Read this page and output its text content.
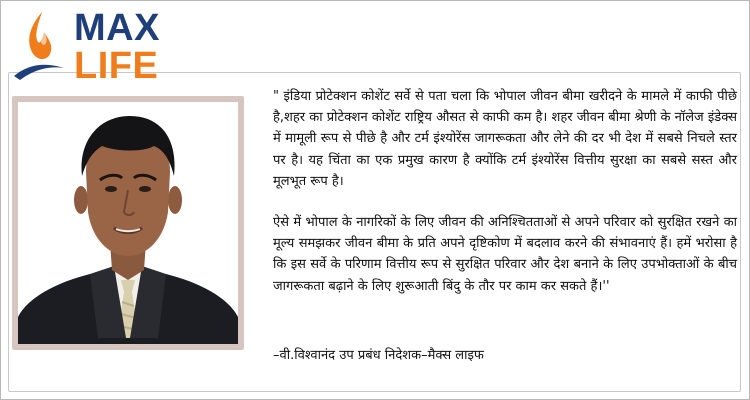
MAX
LIFE

" इंडिया प्रोटेक्शन कोशेंट सर्वे से पता चला कि भोपाल जीवन बीमा खरीदने के मामले में काफी पीछे है,शहर का प्रोटेक्शन कोशेंट राष्ट्रिय औसत से काफी कम है। शहर जीवन बीमा श्रेणी के नॉलेज इंडेक्स में मामूली रूप से पीछे है और टर्म इंश्योरेंस जागरूकता और लेने की दर भी देश में सबसे निचले स्तर पर है। यह चिंता का एक प्रमुख कारण है क्योंकि टर्म इंश्योरेंस वित्तीय सुरक्षा का सबसे सस्त और मूलभूत रूप है।

ऐसे में भोपाल के नागरिकों के लिए जीवन की अनिश्चितताओं से अपने परिवार को सुरक्षित रखने का मूल्य समझकर जीवन बीमा के प्रति अपने दृष्टिकोण में बदलाव करने की संभावनाएं हैं। हमें भरोसा है कि इस सर्वे के परिणाम वित्तीय रूप से सुरक्षित परिवार और देश बनाने के लिए उपभोक्ताओं के बीच जागरूकता बढ़ाने के लिए शुरूआती बिंदु के तौर पर काम कर सकते हैं।''

–वी.विश्वानंद उप प्रबंध निदेशक–मैक्स लाइफ
